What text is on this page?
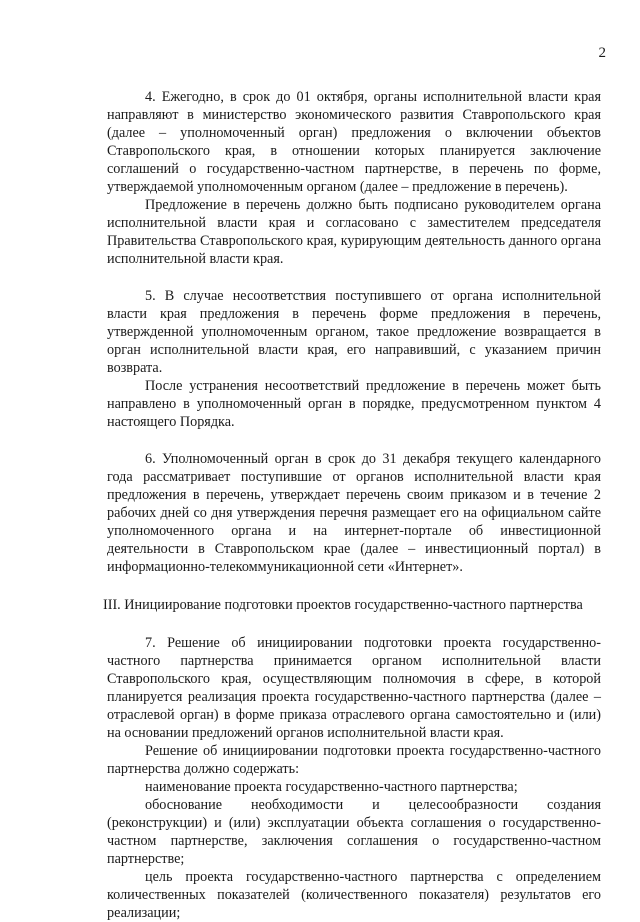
2

4. Ежегодно, в срок до 01 октября, органы исполнительной власти края направляют в министерство экономического развития Ставропольского края (далее – уполномоченный орган) предложения о включении объектов Ставропольского края, в отношении которых планируется заключение соглашений о государственно-частном партнерстве, в перечень по форме, утверждаемой уполномоченным органом (далее – предложение в перечень).

Предложение в перечень должно быть подписано руководителем органа исполнительной власти края и согласовано с заместителем председателя Правительства Ставропольского края, курирующим деятельность данного органа исполнительной власти края.

5. В случае несоответствия поступившего от органа исполнительной власти края предложения в перечень форме предложения в перечень, утвержденной уполномоченным органом, такое предложение возвращается в орган исполнительной власти края, его направивший, с указанием причин возврата.

После устранения несоответствий предложение в перечень может быть направлено в уполномоченный орган в порядке, предусмотренном пунктом 4 настоящего Порядка.

6. Уполномоченный орган в срок до 31 декабря текущего календарного года рассматривает поступившие от органов исполнительной власти края предложения в перечень, утверждает перечень своим приказом и в течение 2 рабочих дней со дня утверждения перечня размещает его на официальном сайте уполномоченного органа и на интернет-портале об инвестиционной деятельности в Ставропольском крае (далее – инвестиционный портал) в информационно-телекоммуникационной сети «Интернет».

III. Инициирование подготовки проектов государственно-частного партнерства

7. Решение об инициировании подготовки проекта государственно-частного партнерства принимается органом исполнительной власти Ставропольского края, осуществляющим полномочия в сфере, в которой планируется реализация проекта государственно-частного партнерства (далее – отраслевой орган) в форме приказа отраслевого органа самостоятельно и (или) на основании предложений органов исполнительной власти края.

Решение об инициировании подготовки проекта государственно-частного партнерства должно содержать:

наименование проекта государственно-частного партнерства;

обоснование необходимости и целесообразности создания (реконструкции) и (или) эксплуатации объекта соглашения о государственно-частном партнерстве, заключения соглашения о государственно-частном партнерстве;

цель проекта государственно-частного партнерства с определением количественных показателей (количественного показателя) результатов его реализации;
